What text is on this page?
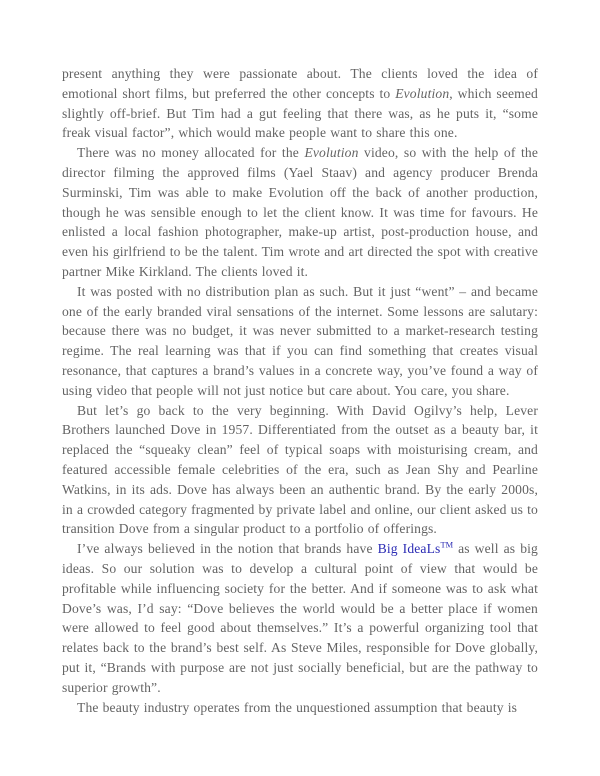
present anything they were passionate about. The clients loved the idea of emotional short films, but preferred the other concepts to Evolution, which seemed slightly off-brief. But Tim had a gut feeling that there was, as he puts it, “some freak visual factor”, which would make people want to share this one.

There was no money allocated for the Evolution video, so with the help of the director filming the approved films (Yael Staav) and agency producer Brenda Surminski, Tim was able to make Evolution off the back of another production, though he was sensible enough to let the client know. It was time for favours. He enlisted a local fashion photographer, make-up artist, post-production house, and even his girlfriend to be the talent. Tim wrote and art directed the spot with creative partner Mike Kirkland. The clients loved it.

It was posted with no distribution plan as such. But it just “went” – and became one of the early branded viral sensations of the internet. Some lessons are salutary: because there was no budget, it was never submitted to a market-research testing regime. The real learning was that if you can find something that creates visual resonance, that captures a brand’s values in a concrete way, you’ve found a way of using video that people will not just notice but care about. You care, you share.

But let’s go back to the very beginning. With David Ogilvy’s help, Lever Brothers launched Dove in 1957. Differentiated from the outset as a beauty bar, it replaced the “squeaky clean” feel of typical soaps with moisturising cream, and featured accessible female celebrities of the era, such as Jean Shy and Pearline Watkins, in its ads. Dove has always been an authentic brand. By the early 2000s, in a crowded category fragmented by private label and online, our client asked us to transition Dove from a singular product to a portfolio of offerings.

I’ve always believed in the notion that brands have Big IdeaLs™ as well as big ideas. So our solution was to develop a cultural point of view that would be profitable while influencing society for the better. And if someone was to ask what Dove’s was, I’d say: “Dove believes the world would be a better place if women were allowed to feel good about themselves.” It’s a powerful organizing tool that relates back to the brand’s best self. As Steve Miles, responsible for Dove globally, put it, “Brands with purpose are not just socially beneficial, but are the pathway to superior growth”.

The beauty industry operates from the unquestioned assumption that beauty is
